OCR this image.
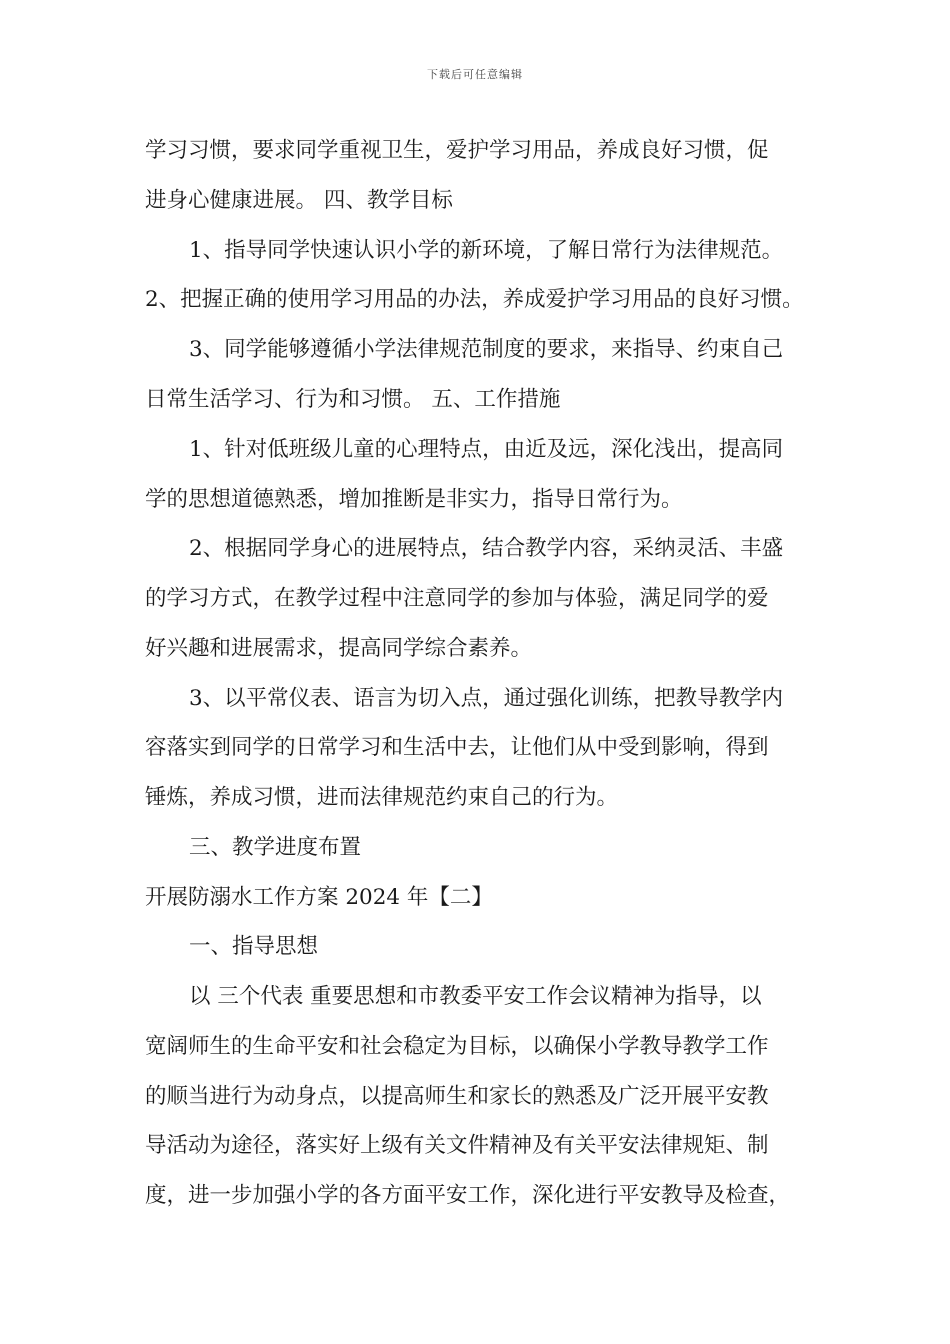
下载后可任意编辑
学习习惯，要求同学重视卫生，爱护学习用品，养成良好习惯，促
进身心健康进展。 四、教学目标
1、指导同学快速认识小学的新环境，了解日常行为法律规范。
2、把握正确的使用学习用品的办法，养成爱护学习用品的良好习惯。
3、同学能够遵循小学法律规范制度的要求，来指导、约束自己
日常生活学习、行为和习惯。 五、工作措施
1、针对低班级儿童的心理特点，由近及远，深化浅出，提高同
学的思想道德熟悉，增加推断是非实力，指导日常行为。
2、根据同学身心的进展特点，结合教学内容，采纳灵活、丰盛
的学习方式，在教学过程中注意同学的参加与体验，满足同学的爱
好兴趣和进展需求，提高同学综合素养。
3、以平常仪表、语言为切入点，通过强化训练，把教导教学内
容落实到同学的日常学习和生活中去，让他们从中受到影响，得到
锤炼，养成习惯，进而法律规范约束自己的行为。
三、教学进度布置
开展防溺水工作方案 2024 年【二】
一、指导思想
以 三个代表 重要思想和市教委平安工作会议精神为指导，以
宽阔师生的生命平安和社会稳定为目标，以确保小学教导教学工作
的顺当进行为动身点，以提高师生和家长的熟悉及广泛开展平安教
导活动为途径，落实好上级有关文件精神及有关平安法律规矩、制
度，进一步加强小学的各方面平安工作，深化进行平安教导及检查，
